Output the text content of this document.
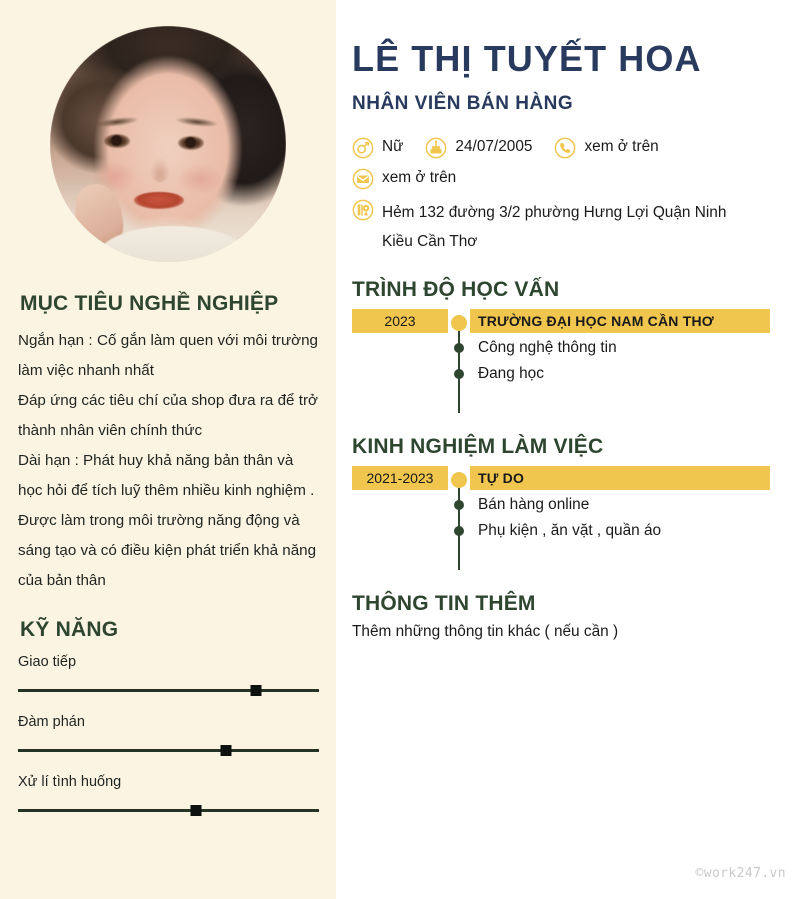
MỤC TIÊU NGHỀ NGHIỆP
Ngắn hạn : Cố gắn làm quen với môi trường làm việc nhanh nhất
Đáp ứng các tiêu chí của shop đưa ra để trở thành nhân viên chính thức
Dài hạn : Phát huy khả năng bản thân và học hỏi để tích luỹ thêm nhiều kinh nghiệm . Được làm trong môi trường năng động và sáng tạo và có điều kiện phát triển khả năng của bản thân
KỸ NĂNG
Giao tiếp
Đàm phán
Xử lí tình huống
LÊ THỊ TUYẾT HOA
NHÂN VIÊN BÁN HÀNG
Nữ	24/07/2005	xem ở trên
xem ở trên
Hẻm 132 đường 3/2 phường Hưng Lợi Quận Ninh Kiều Cần Thơ
TRÌNH ĐỘ HỌC VẤN
2023	TRƯỜNG ĐẠI HỌC NAM CẦN THƠ
Công nghệ thông tin
Đang học
KINH NGHIỆM LÀM VIỆC
2021-2023	TỰ DO
Bán hàng online
Phụ kiện , ăn vặt , quần áo
THÔNG TIN THÊM
Thêm những thông tin khác ( nếu cần )
©work247.vn
